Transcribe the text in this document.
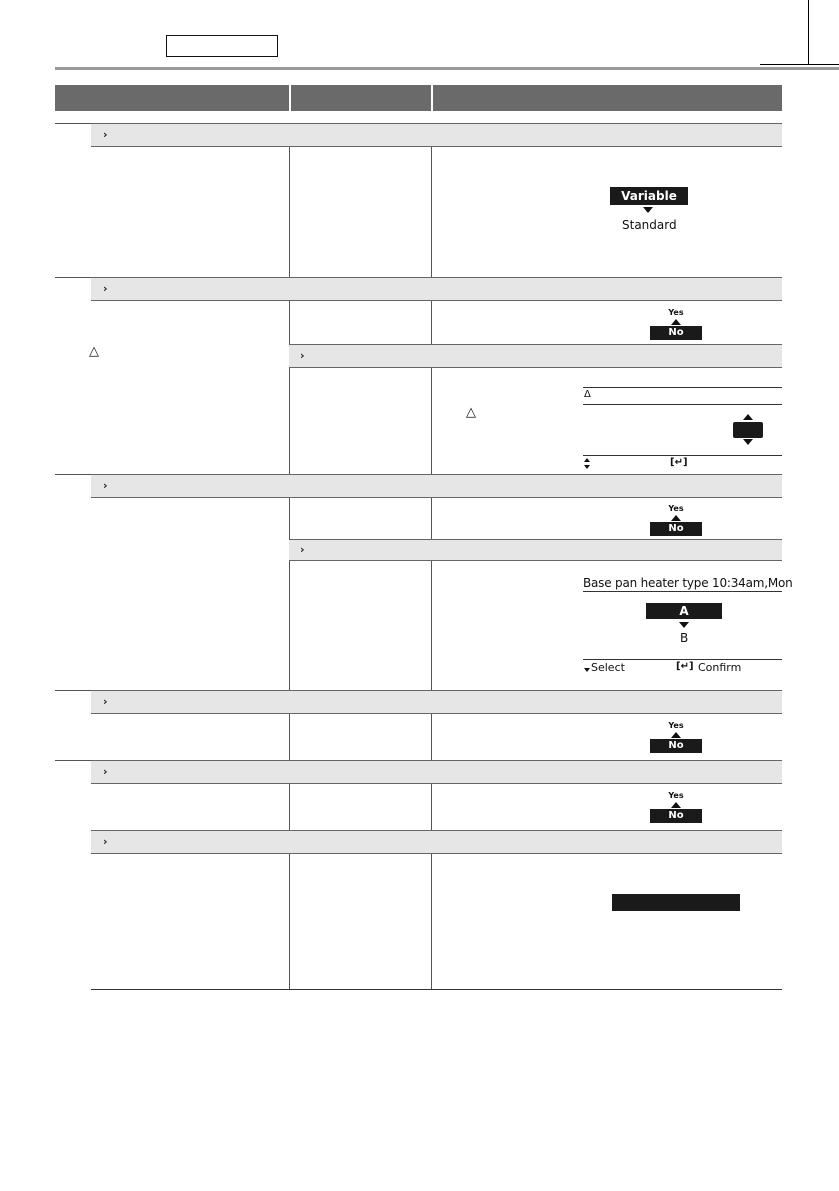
›
Variable
Standard
›
△
Yes
No
›
△
Δ
[↵]
›
Yes
No
›
Base pan heater type 10:34am,Mon
A
B
Select	[↵] Confirm
›
Yes
No
›
Yes
No
›
